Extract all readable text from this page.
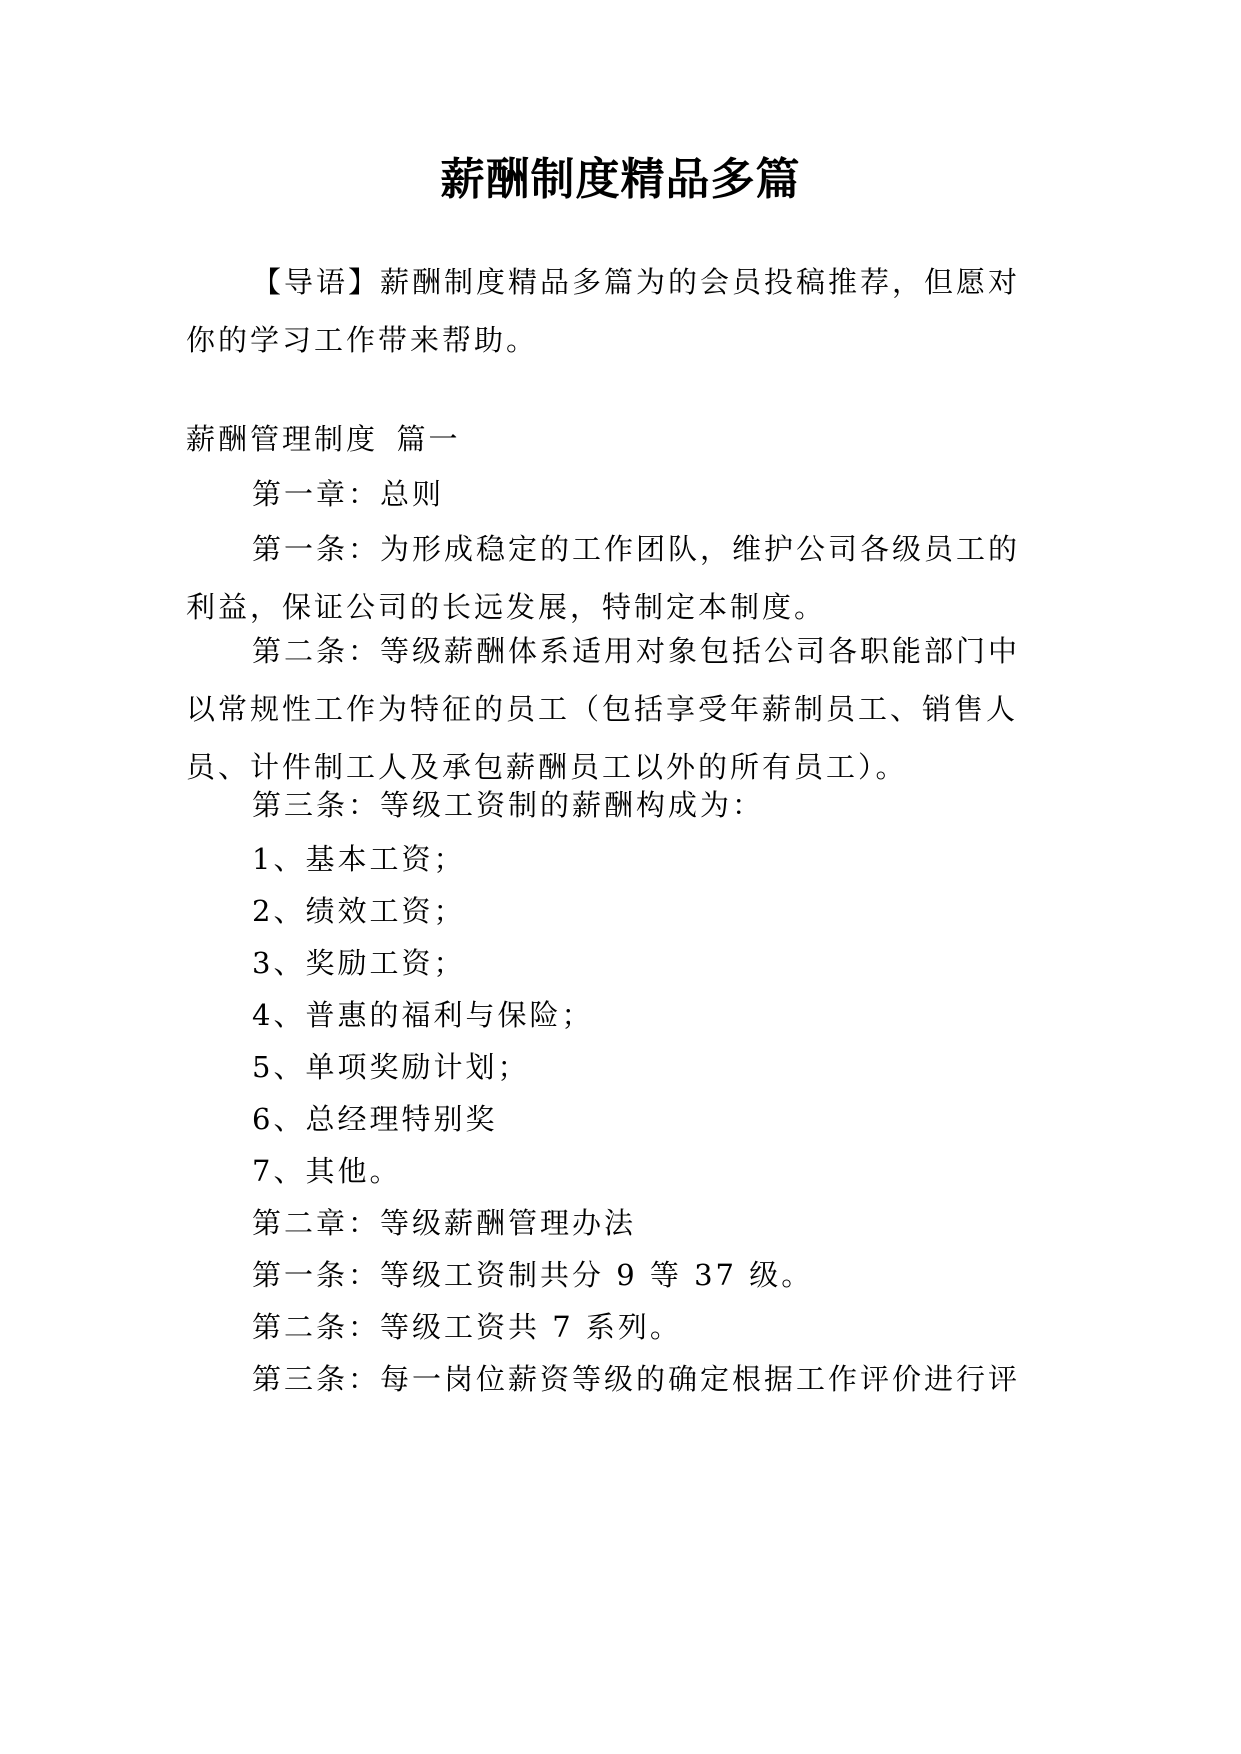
薪酬制度精品多篇

【导语】薪酬制度精品多篇为的会员投稿推荐，但愿对
你的学习工作带来帮助。

薪酬管理制度 篇一

第一章：总则

第一条：为形成稳定的工作团队，维护公司各级员工的
利益，保证公司的长远发展，特制定本制度。

第二条：等级薪酬体系适用对象包括公司各职能部门中
以常规性工作为特征的员工（包括享受年薪制员工、销售人
员、计件制工人及承包薪酬员工以外的所有员工）。

第三条：等级工资制的薪酬构成为：

1、基本工资；

2、绩效工资；

3、奖励工资；

4、普惠的福利与保险；

5、单项奖励计划；

6、总经理特别奖

7、其他。

第二章：等级薪酬管理办法

第一条：等级工资制共分 9 等 37 级。

第二条：等级工资共 7 系列。

第三条：每一岗位薪资等级的确定根据工作评价进行评
